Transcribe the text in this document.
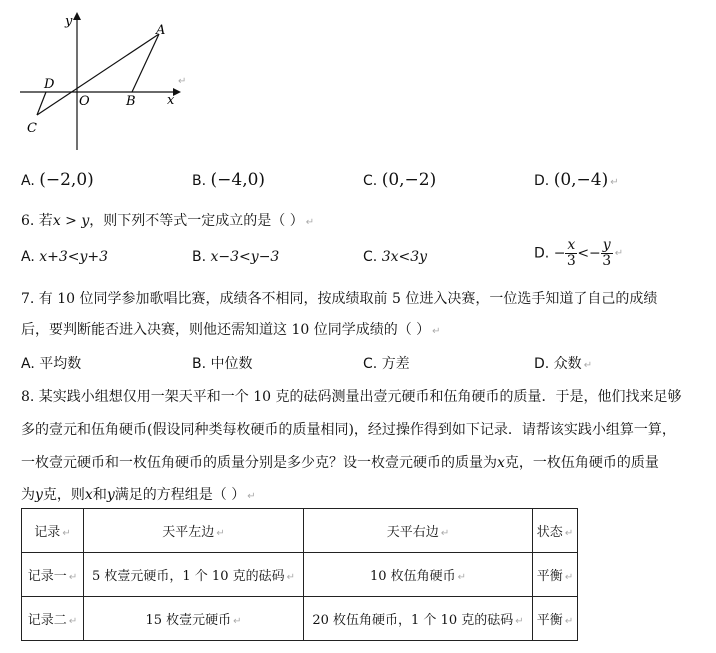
y
x
A
B
C
D
O
↵
A. (−2,0)	B. (−4,0)	C. (0,−2)	D. (0,−4) ↵
6. 若x > y，则下列不等式一定成立的是（ ） ↵
A. x+3<y+3	B. x−3<y−3	C. 3x<3y	D. − $\frac{x}{3} <- \frac{y}{3}$ ↵
7. 有 10 位同学参加歌唱比赛，成绩各不相同，按成绩取前 5 位进入决赛，一位选手知道了自己的成绩
后，要判断能否进入决赛，则他还需知道这 10 位同学成绩的（ ） ↵
A. 平均数	B. 中位数	C. 方差	D. 众数 ↵
8. 某实践小组想仅用一架天平和一个 10 克的砝码测量出壹元硬币和伍角硬币的质量．于是，他们找来足够
多的壹元和伍角硬币(假设同种类每枚硬币的质量相同)，经过操作得到如下记录．请帮该实践小组算一算，
一枚壹元硬币和一枚伍角硬币的质量分别是多少克？设一枚壹元硬币的质量为x克，一枚伍角硬币的质量
为y克，则x和y满足的方程组是（ ） ↵
记录 ↵	天平左边 ↵	天平右边 ↵	状态 ↵
记录一 ↵	5 枚壹元硬币，1 个 10 克的砝码 ↵	10 枚伍角硬币 ↵	平衡 ↵
记录二 ↵	15 枚壹元硬币 ↵	20 枚伍角硬币，1 个 10 克的砝码 ↵	平衡 ↵
